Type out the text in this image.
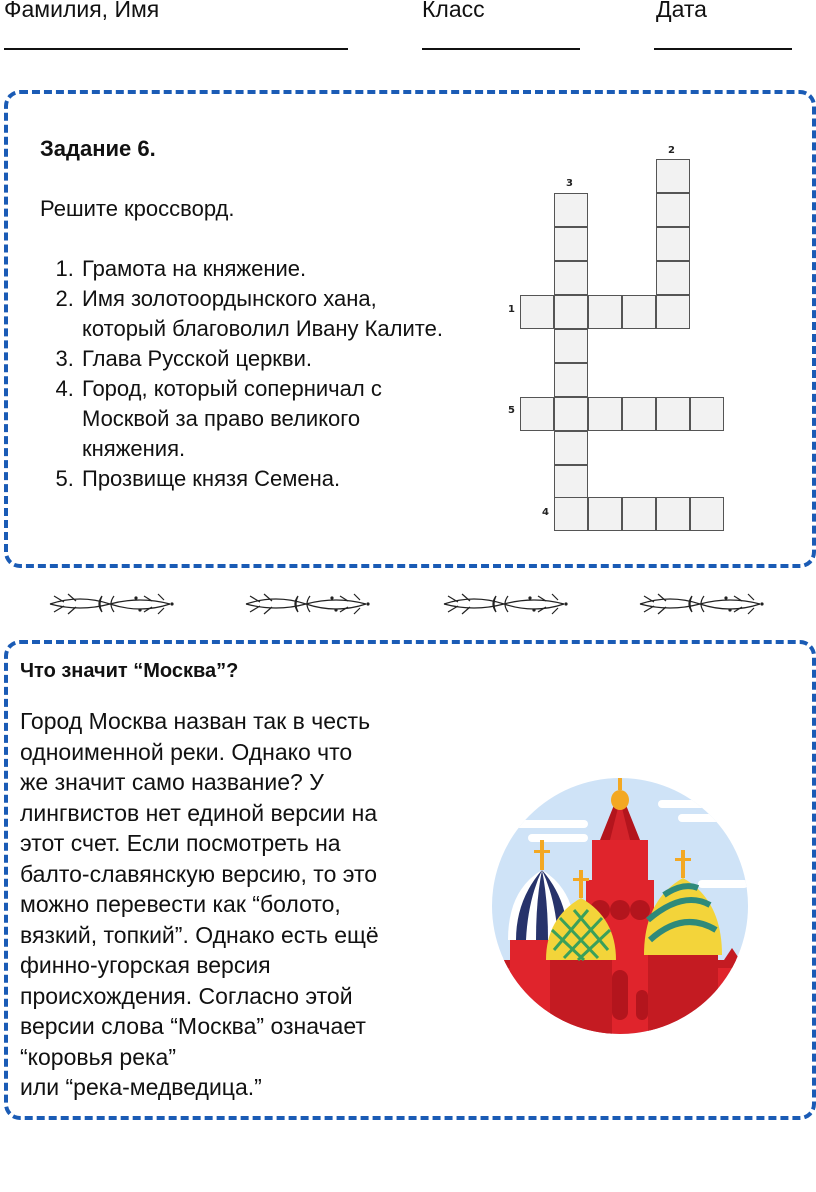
Фамилия, Имя	Класс	Дата
Задание 6.
Решите кроссворд.
1. Грамота на княжение.
2. Имя золотоордынского хана, который благоволил Ивану Калите.
3. Глава Русской церкви.
4. Город, который соперничал с Москвой за право великого княжения.
5. Прозвище князя Семена.
1
2
3
4
5
Что значит “Москва”?
Город Москва назван так в честь
одноименной реки. Однако что
же значит само название? У
лингвистов нет единой версии на
этот счет. Если посмотреть на
балто-славянскую версию, то это
можно перевести как “болото,
вязкий, топкий”. Однако есть ещё
финно-угорская версия
происхождения. Согласно этой
версии слова “Москва” означает
“коровья река”
или “река-медведица.”
